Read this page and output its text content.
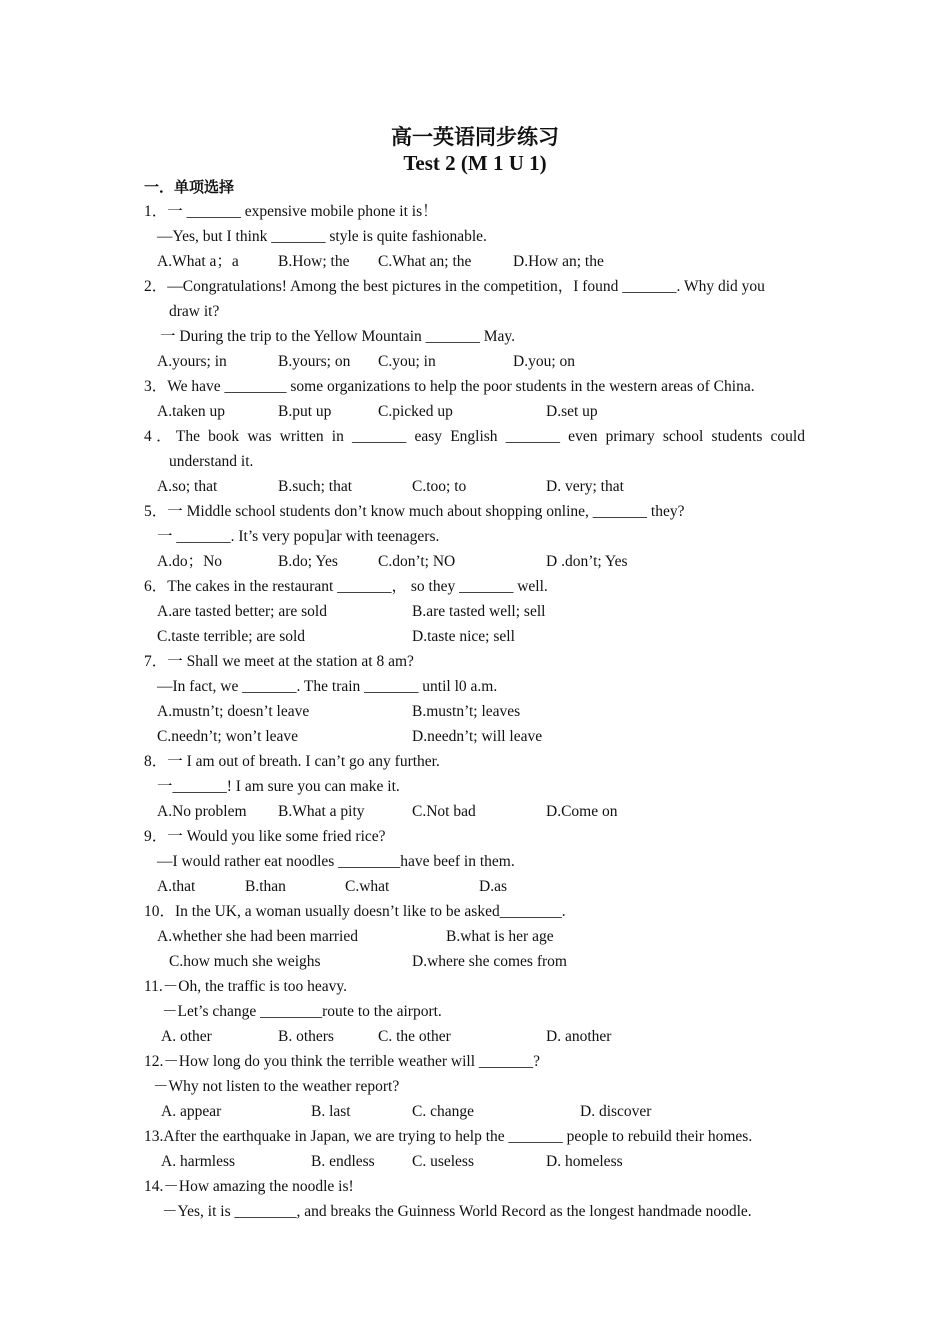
高一英语同步练习
Test 2 (M 1 U 1)
一．单项选择
1．一 _______ expensive mobile phone it is！
—Yes, but I think _______ style is quite fashionable.
A.What a；a	B.How; the C.What an; the	D.How an; the
2．—Congratulations! Among the best pictures in the competition，I found _______. Why did you
draw it?
一 During the trip to the Yellow Mountain _______ May.
A.yours; in	B.yours; on C.you; in	D.you; on
3．We have ________ some organizations to help the poor students in the western areas of China.
A.taken up	B.put up	C.picked up	D.set up
4．The book was written in _______ easy English _______ even primary school students could
understand it.
A.so; that	B.such; that	C.too; to	D. very; that
5．一 Middle school students don’t know much about shopping online, _______ they?
一 _______. It’s very popu]ar with teenagers.
A.do；No	B.do; Yes	C.don’t; NO	D .don’t; Yes
6．The cakes in the restaurant _______， so they _______ well.
A.are tasted better; are sold	B.are tasted well; sell
C.taste terrible; are sold	D.taste nice; sell
7．一 Shall we meet at the station at 8 am?
—In fact, we _______. The train _______ until l0 a.m.
A.mustn’t; doesn’t leave	B.mustn’t; leaves
C.needn’t; won’t leave	D.needn’t; will leave
8．一 I am out of breath. I can’t go any further.
一_______! I am sure you can make it.
A.No problem B.What a pity	C.Not bad	D.Come on
9．一 Would you like some fried rice?
—I would rather eat noodles ________have beef in them.
A.that	B.than	C.what	D.as
10．In the UK, a woman usually doesn’t like to be asked________.
A.whether she had been married	B.what is her age
C.how much she weighs	D.where she comes from
11.－Oh, the traffic is too heavy.
－Let’s change ________route to the airport.
A. other	B. others	C. the other	D. another
12.－How long do you think the terrible weather will _______?
－Why not listen to the weather report?
A. appear	B. last	C. change	D. discover
13.After the earthquake in Japan, we are trying to help the _______ people to rebuild their homes.
A. harmless	B. endless C. useless	D. homeless
14.－How amazing the noodle is!
－Yes, it is ________, and breaks the Guinness World Record as the longest handmade noodle.
